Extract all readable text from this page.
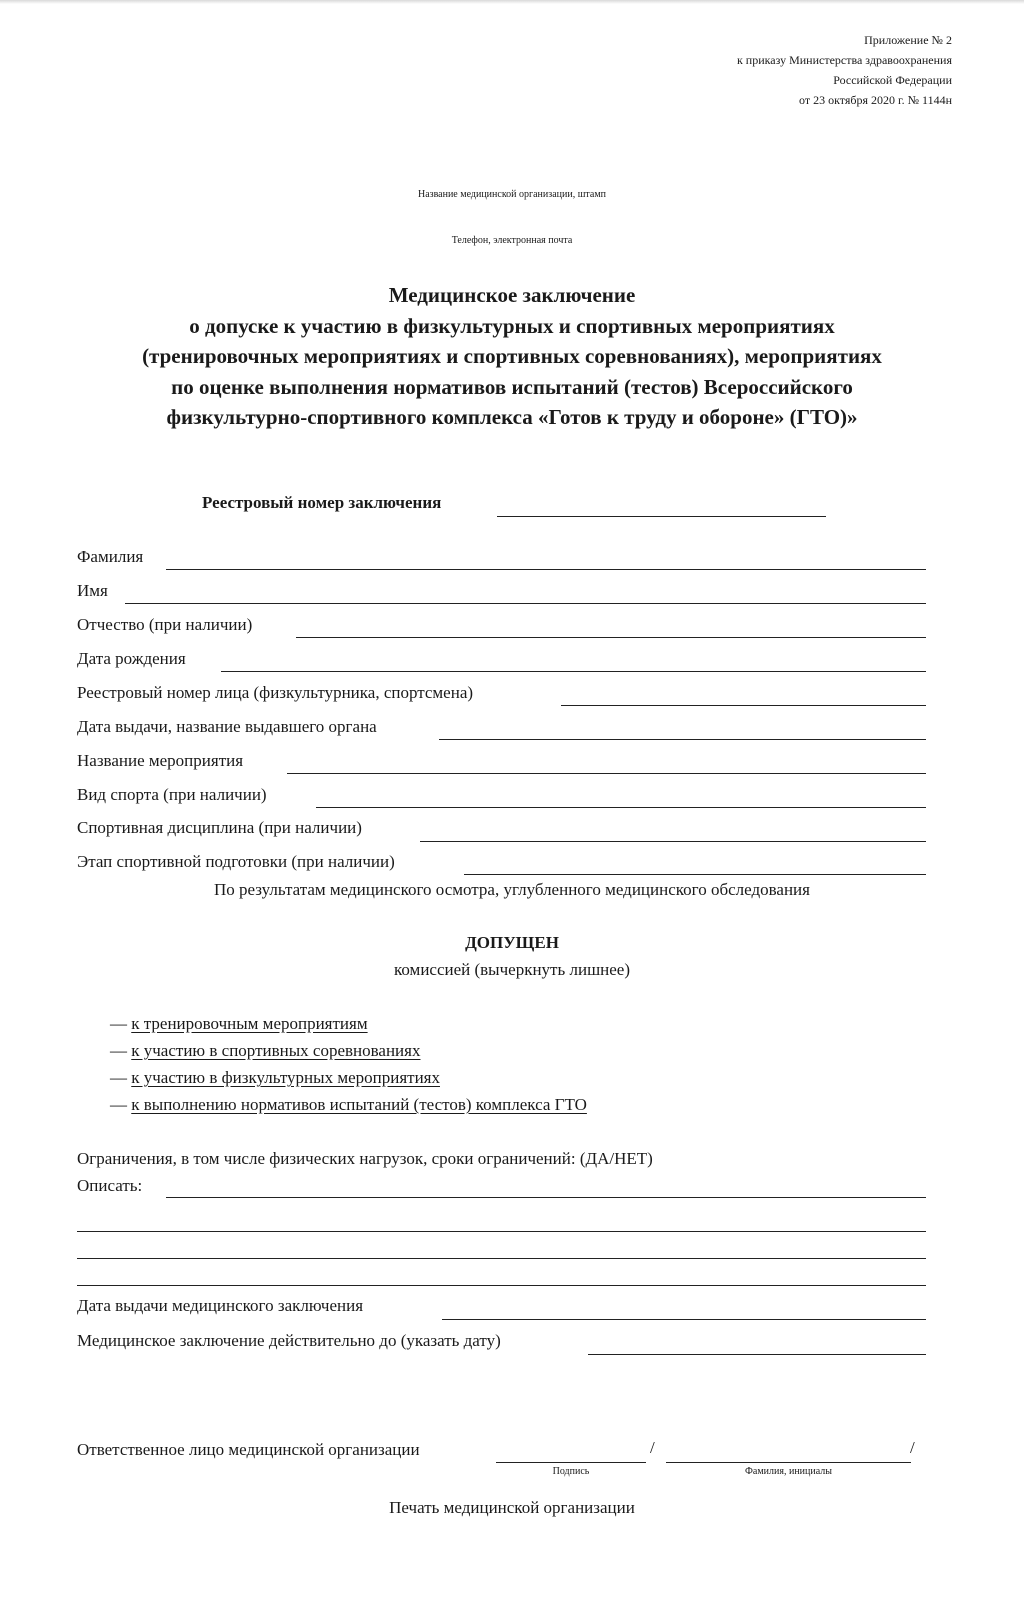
Приложение № 2
к приказу Министерства здравоохранения
Российской Федерации
от 23 октября 2020 г. № 1144н
Название медицинской организации, штамп
Телефон, электронная почта
Медицинское заключение
о допуске к участию в физкультурных и спортивных мероприятиях
(тренировочных мероприятиях и спортивных соревнованиях), мероприятиях
по оценке выполнения нормативов испытаний (тестов) Всероссийского
физкультурно-спортивного комплекса «Готов к труду и обороне» (ГТО)»
Реестровый номер заключения
Фамилия
Имя
Отчество (при наличии)
Дата рождения
Реестровый номер лица (физкультурника, спортсмена)
Дата выдачи, название выдавшего органа
Название мероприятия
Вид спорта (при наличии)
Спортивная дисциплина (при наличии)
Этап спортивной подготовки (при наличии)
По результатам медицинского осмотра, углубленного медицинского обследования
ДОПУЩЕН
комиссией (вычеркнуть лишнее)
— к тренировочным мероприятиям
— к участию в спортивных соревнованиях
— к участию в физкультурных мероприятиях
— к выполнению нормативов испытаний (тестов) комплекса ГТО
Ограничения, в том числе физических нагрузок, сроки ограничений: (ДА/НЕТ)
Описать:
Дата выдачи медицинского заключения
Медицинское заключение действительно до (указать дату)
Ответственное лицо медицинской организации	/	/
Подпись	Фамилия, инициалы
Печать медицинской организации
